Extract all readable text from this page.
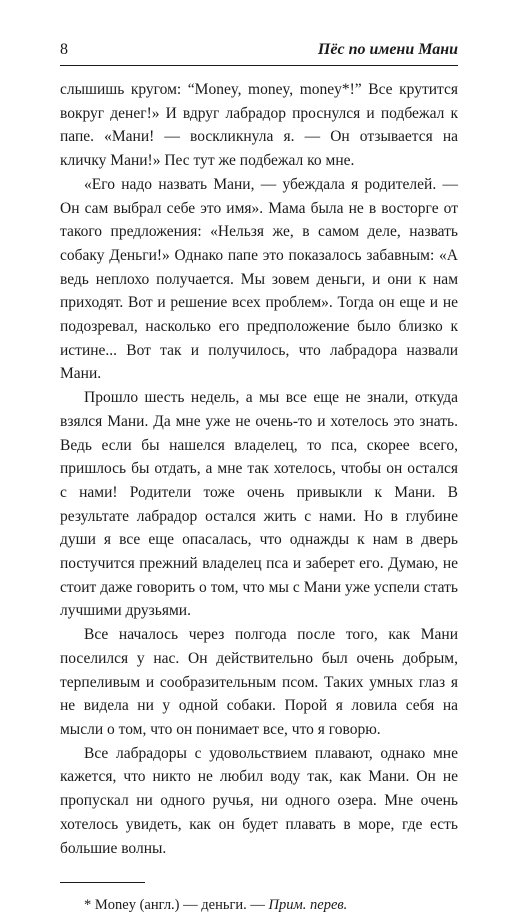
8	Пёс по имени Мани

слышишь кругом: “Money, money, money*!” Все крутится вокруг денег!» И вдруг лабрадор проснулся и подбежал к папе. «Мани! — воскликнула я. — Он отзывается на кличку Мани!» Пес тут же подбежал ко мне.

«Его надо назвать Мани, — убеждала я родителей. — Он сам выбрал себе это имя». Мама была не в восторге от такого предложения: «Нельзя же, в самом деле, назвать собаку Деньги!» Однако папе это показалось забавным: «А ведь неплохо получается. Мы зовем деньги, и они к нам приходят. Вот и решение всех проблем». Тогда он еще и не подозревал, насколько его предположение было близко к истине... Вот так и получилось, что лабрадора назвали Мани.

Прошло шесть недель, а мы все еще не знали, откуда взялся Мани. Да мне уже не очень-то и хотелось это знать. Ведь если бы нашелся владелец, то пса, скорее всего, пришлось бы отдать, а мне так хотелось, чтобы он остался с нами! Родители тоже очень привыкли к Мани. В результате лабрадор остался жить с нами. Но в глубине души я все еще опасалась, что однажды к нам в дверь постучится прежний владелец пса и заберет его. Думаю, не стоит даже говорить о том, что мы с Мани уже успели стать лучшими друзьями.

Все началось через полгода после того, как Мани поселился у нас. Он действительно был очень добрым, терпеливым и сообразительным псом. Таких умных глаз я не видела ни у одной собаки. Порой я ловила себя на мысли о том, что он понимает все, что я говорю.

Все лабрадоры с удовольствием плавают, однако мне кажется, что никто не любил воду так, как Мани. Он не пропускал ни одного ручья, ни одного озера. Мне очень хотелось увидеть, как он будет плавать в море, где есть большие волны.

* Money (англ.) — деньги. — Прим. перев.
